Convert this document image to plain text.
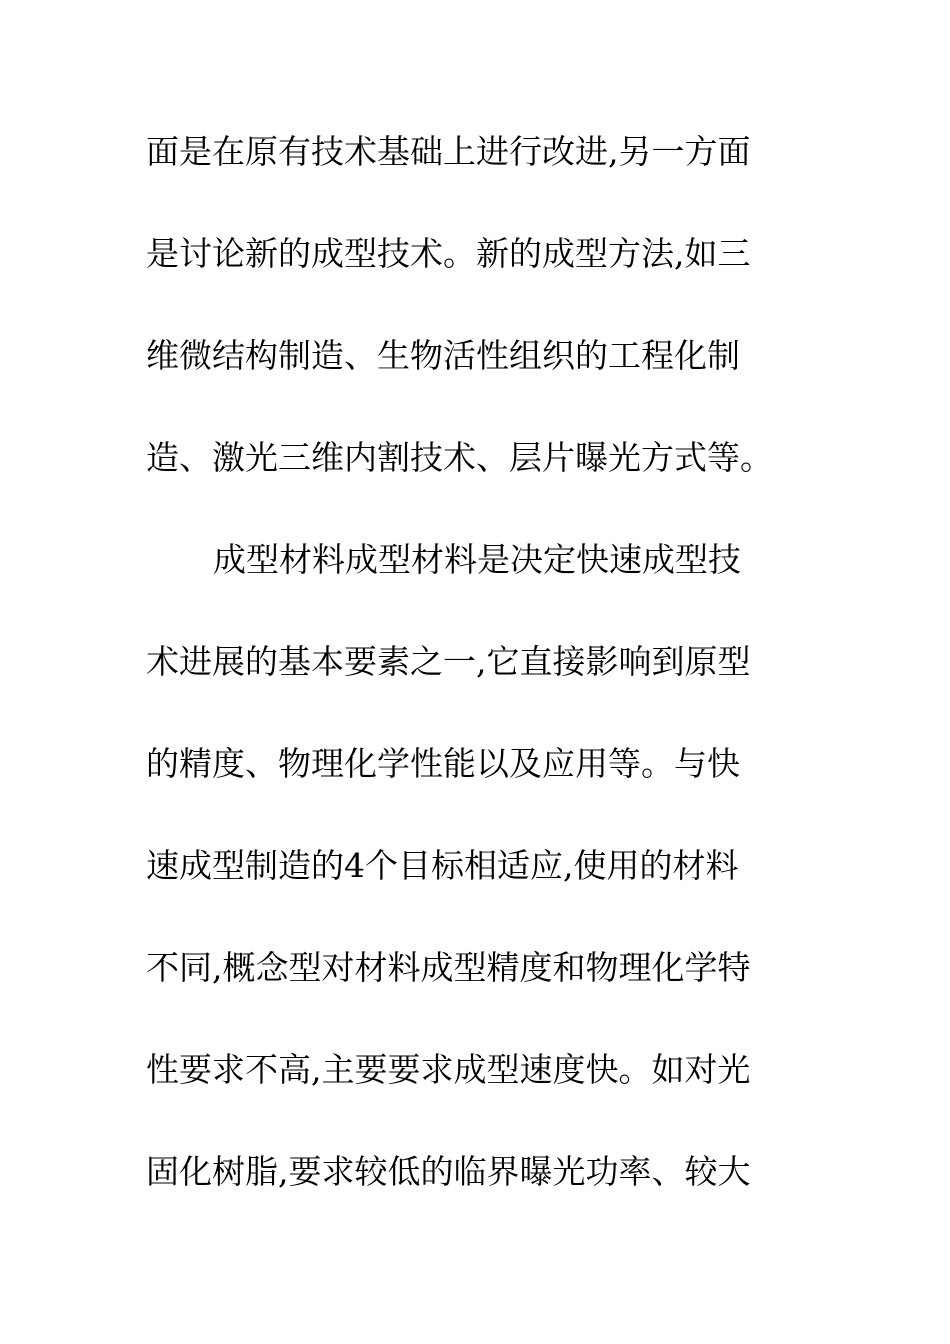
面是在原有技术基础上进行改进,另一方面
是讨论新的成型技术。新的成型方法,如三
维微结构制造、生物活性组织的工程化制
造、激光三维内割技术、层片曝光方式等。
成型材料成型材料是决定快速成型技
术进展的基本要素之一,它直接影响到原型
的精度、物理化学性能以及应用等。与快
速成型制造的4个目标相适应,使用的材料
不同,概念型对材料成型精度和物理化学特
性要求不高,主要要求成型速度快。如对光
固化树脂,要求较低的临界曝光功率、较大
